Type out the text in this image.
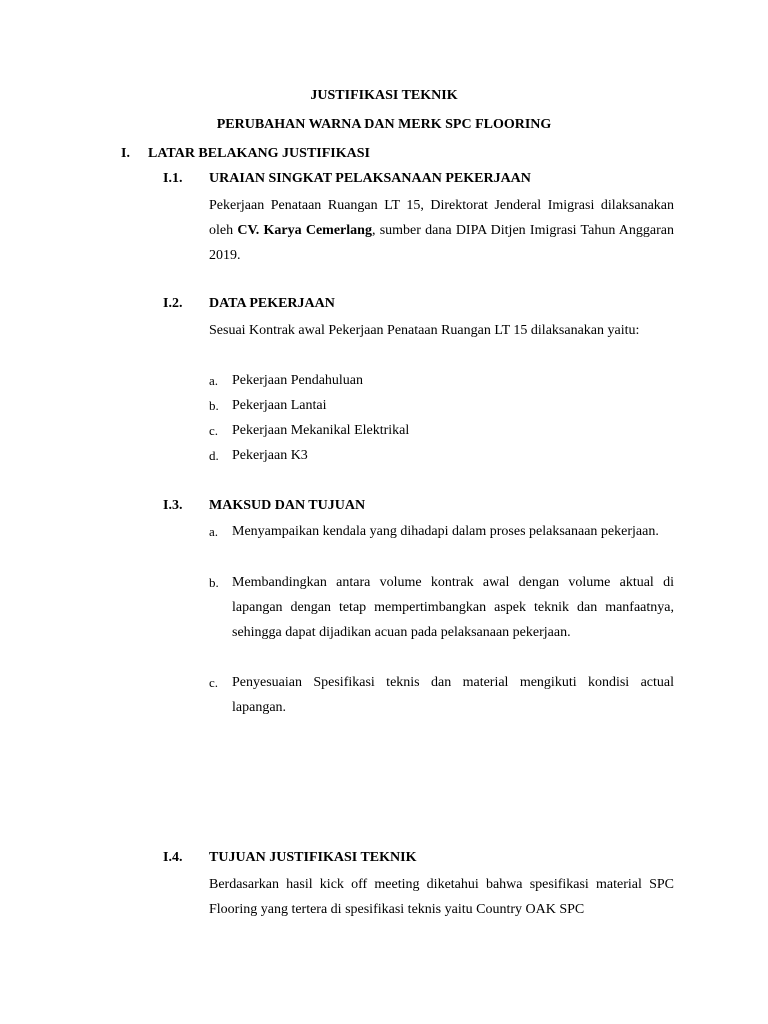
JUSTIFIKASI TEKNIK
PERUBAHAN WARNA DAN MERK SPC FLOORING
I. LATAR BELAKANG JUSTIFIKASI
I.1. URAIAN SINGKAT PELAKSANAAN PEKERJAAN
Pekerjaan Penataan Ruangan LT 15, Direktorat Jenderal Imigrasi dilaksanakan oleh CV. Karya Cemerlang, sumber dana DIPA Ditjen Imigrasi Tahun Anggaran 2019.
I.2. DATA PEKERJAAN
Sesuai Kontrak awal Pekerjaan Penataan Ruangan LT 15 dilaksanakan yaitu:
a. Pekerjaan Pendahuluan
b. Pekerjaan Lantai
c. Pekerjaan Mekanikal Elektrikal
d. Pekerjaan K3
I.3. MAKSUD DAN TUJUAN
a. Menyampaikan kendala yang dihadapi dalam proses pelaksanaan pekerjaan.
b. Membandingkan antara volume kontrak awal dengan volume aktual di lapangan dengan tetap mempertimbangkan aspek teknik dan manfaatnya, sehingga dapat dijadikan acuan pada pelaksanaan pekerjaan.
c. Penyesuaian Spesifikasi teknis dan material mengikuti kondisi actual lapangan.
I.4. TUJUAN JUSTIFIKASI TEKNIK
Berdasarkan hasil kick off meeting diketahui bahwa spesifikasi material SPC Flooring yang tertera di spesifikasi teknis yaitu Country OAK SPC
